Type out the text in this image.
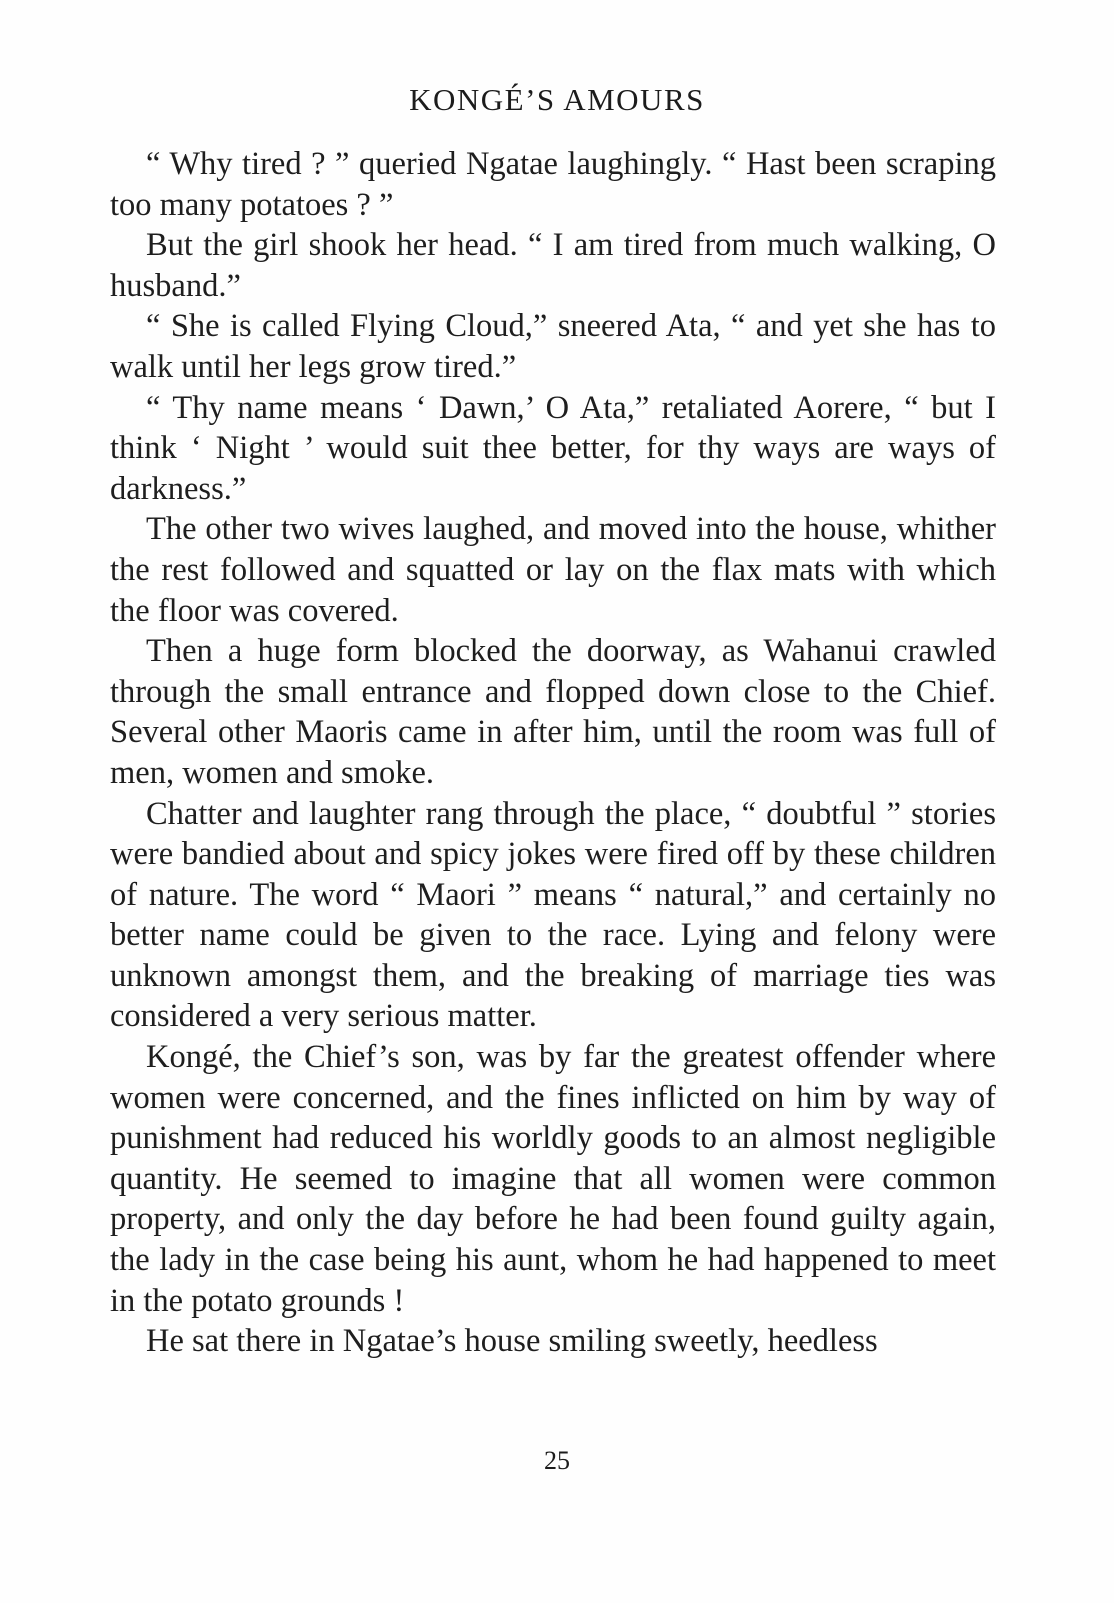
KONGÉ’S AMOURS

“ Why tired ? ” queried Ngatae laughingly. “ Hast been scraping too many potatoes ? ”

But the girl shook her head. “ I am tired from much walking, O husband.”

“ She is called Flying Cloud,” sneered Ata, “ and yet she has to walk until her legs grow tired.”

“ Thy name means ‘ Dawn,’ O Ata,” retaliated Aorere, “ but I think ‘ Night ’ would suit thee better, for thy ways are ways of darkness.”

The other two wives laughed, and moved into the house, whither the rest followed and squatted or lay on the flax mats with which the floor was covered.

Then a huge form blocked the doorway, as Wahanui crawled through the small entrance and flopped down close to the Chief. Several other Maoris came in after him, until the room was full of men, women and smoke.

Chatter and laughter rang through the place, “ doubtful ” stories were bandied about and spicy jokes were fired off by these children of nature. The word “ Maori ” means “ natural,” and certainly no better name could be given to the race. Lying and felony were unknown amongst them, and the breaking of marriage ties was considered a very serious matter.

Kongé, the Chief’s son, was by far the greatest offender where women were concerned, and the fines inflicted on him by way of punishment had reduced his worldly goods to an almost negligible quantity. He seemed to imagine that all women were common property, and only the day before he had been found guilty again, the lady in the case being his aunt, whom he had happened to meet in the potato grounds !

He sat there in Ngatae’s house smiling sweetly, heedless

25
